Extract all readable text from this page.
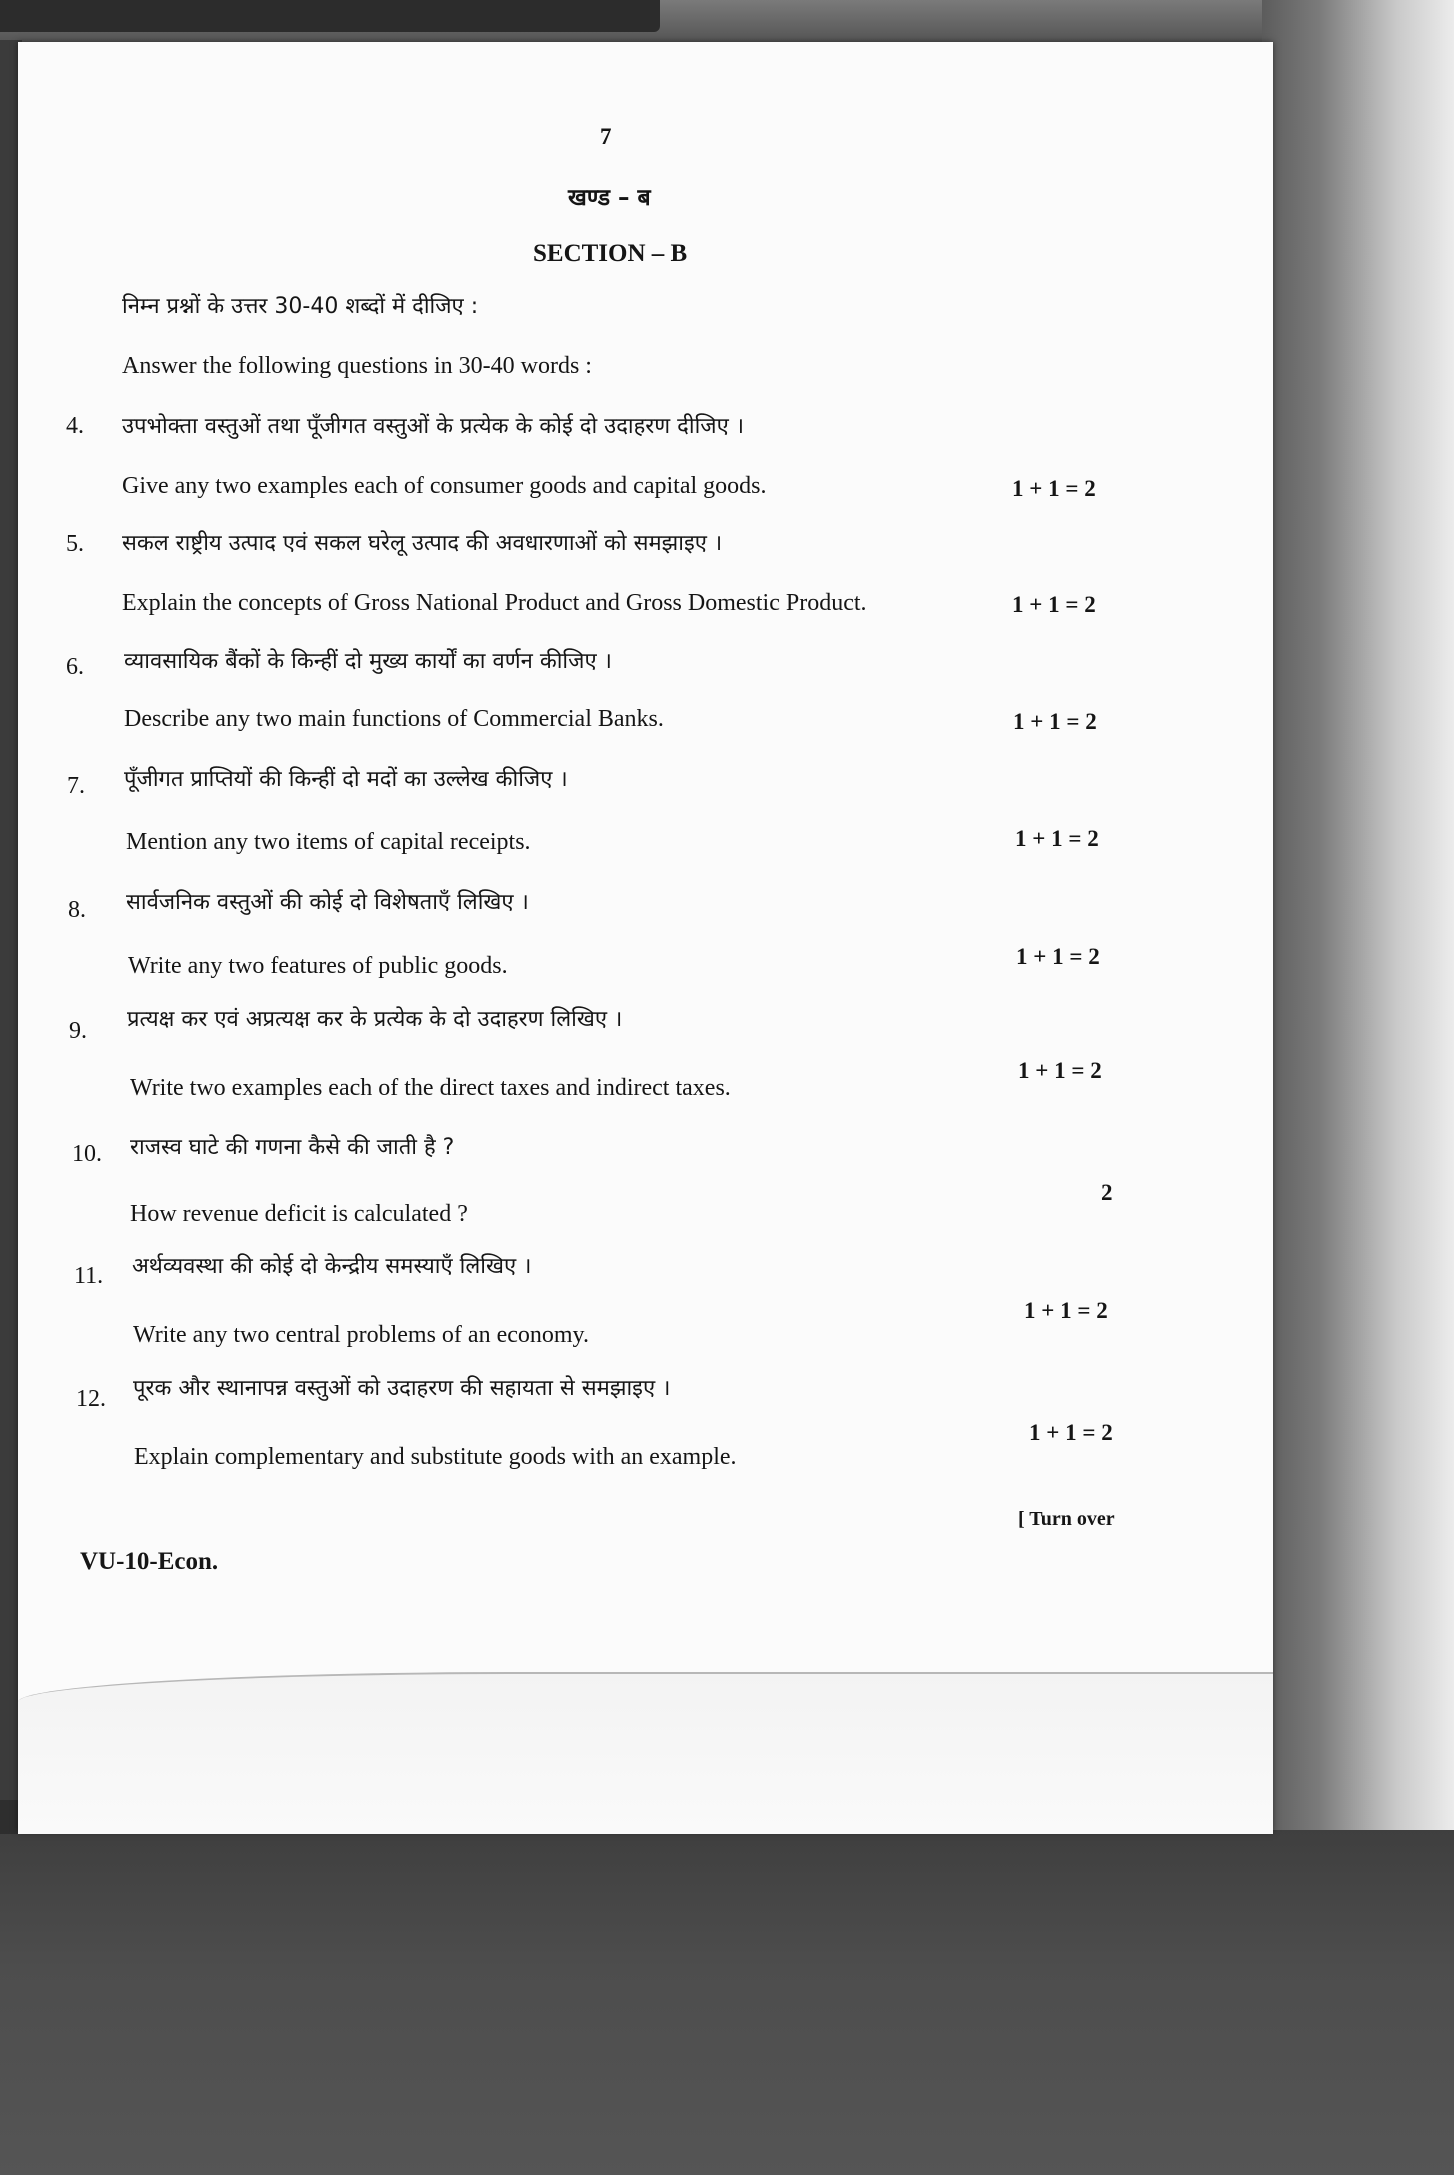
7
खण्ड – ब
SECTION – B
निम्न प्रश्नों के उत्तर 30-40 शब्दों में दीजिए :
Answer the following questions in 30-40 words :
4. उपभोक्ता वस्तुओं तथा पूँजीगत वस्तुओं के प्रत्येक के कोई दो उदाहरण दीजिए ।
Give any two examples each of consumer goods and capital goods.	1 + 1 = 2
5. सकल राष्ट्रीय उत्पाद एवं सकल घरेलू उत्पाद की अवधारणाओं को समझाइए ।
Explain the concepts of Gross National Product and Gross Domestic Product.	1 + 1 = 2
6. व्यावसायिक बैंकों के किन्हीं दो मुख्य कार्यों का वर्णन कीजिए ।
Describe any two main functions of Commercial Banks.	1 + 1 = 2
7. पूँजीगत प्राप्तियों की किन्हीं दो मदों का उल्लेख कीजिए ।
Mention any two items of capital receipts.	1 + 1 = 2
8. सार्वजनिक वस्तुओं की कोई दो विशेषताएँ लिखिए ।
Write any two features of public goods.	1 + 1 = 2
9. प्रत्यक्ष कर एवं अप्रत्यक्ष कर के प्रत्येक के दो उदाहरण लिखिए ।
Write two examples each of the direct taxes and indirect taxes.
1 + 1 = 2
10. राजस्व घाटे की गणना कैसे की जाती है ?
How revenue deficit is calculated ?
2
11. अर्थव्यवस्था की कोई दो केन्द्रीय समस्याएँ लिखिए ।
Write any two central problems of an economy.
1 + 1 = 2
12. पूरक और स्थानापन्न वस्तुओं को उदाहरण की सहायता से समझाइए ।
Explain complementary and substitute goods with an example.
1 + 1 = 2
[ Turn over
VU-10-Econ.
